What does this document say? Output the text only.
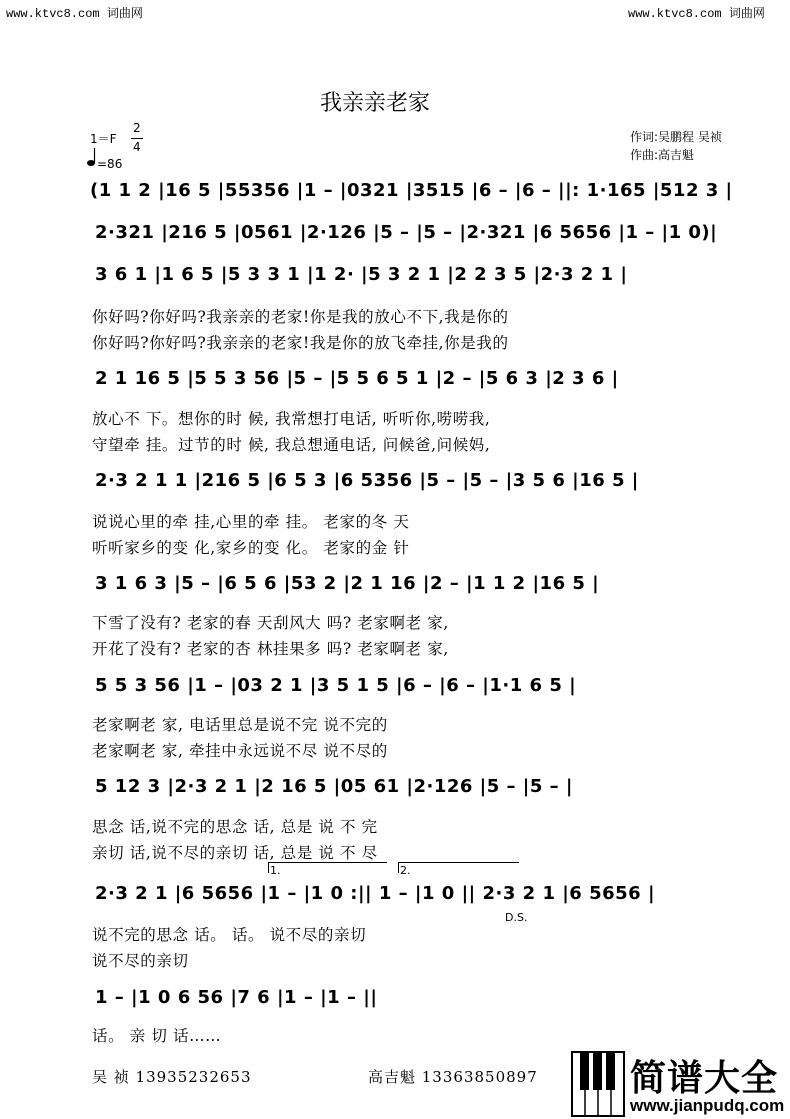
www.ktvc8.com 词曲网	www.ktvc8.com 词曲网
我亲亲老家
1＝F
2
4
=86
作词:吴鹏程 吴祯
作曲:高吉魁
(1 1 2 |16 5 |55356 |1 – |0321 |3515 |6 – |6 – ||: 1·165 |512 3 |
2·321 |216 5 |0561 |2·126 |5 – |5 – |2·321 |6 5656 |1 – |1 0)|
3 6 1 |1 6 5 |5 3 3 1 |1 2· |5 3 2 1 |2 2 3 5 |2·3 2 1 |
你好吗?你好吗?我亲亲的老家!你是我的放心不下,我是你的
你好吗?你好吗?我亲亲的老家!我是你的放飞牵挂,你是我的
2 1 16 5 |5 5 3 56 |5 – |5 5 6 5 1 |2 – |5 6 3 |2 3 6 |
放心不 下。想你的时 候, 我常想打电话, 听听你,唠唠我,
守望牵 挂。过节的时 候, 我总想通电话, 问候爸,问候妈,
2·3 2 1 1 |216 5 |6 5 3 |6 5356 |5 – |5 – |3 5 6 |16 5 |
说说心里的牵 挂,心里的牵 挂。 老家的冬 天
听听家乡的变 化,家乡的变 化。 老家的金 针
3 1 6 3 |5 – |6 5 6 |53 2 |2 1 16 |2 – |1 1 2 |16 5 |
下雪了没有? 老家的春 天刮风大 吗? 老家啊老 家,
开花了没有? 老家的杏 林挂果多 吗? 老家啊老 家,
5 5 3 56 |1 – |03 2 1 |3 5 1 5 |6 – |6 – |1·1 6 5 |
老家啊老 家, 电话里总是说不完 说不完的
老家啊老 家, 牵挂中永远说不尽 说不尽的
5 12 3 |2·3 2 1 |2 16 5 |05 61 |2·126 |5 – |5 – |
思念 话,说不完的思念 话, 总是 说 不 完
亲切 话,说不尽的亲切 话, 总是 说 不 尽
1.	2.
2·3 2 1 |6 5656 |1 – |1 0 :|| 1 – |1 0 || 2·3 2 1 |6 5656 |
D.S.
说不完的思念 话。 话。 说不尽的亲切
说不尽的亲切
1 – |1 0 6 56 |7 6 |1 – |1 – ||
话。 亲 切 话……
吴 祯 13935232653	高吉魁 13363850897	简谱大全
www.jianpudq.com
